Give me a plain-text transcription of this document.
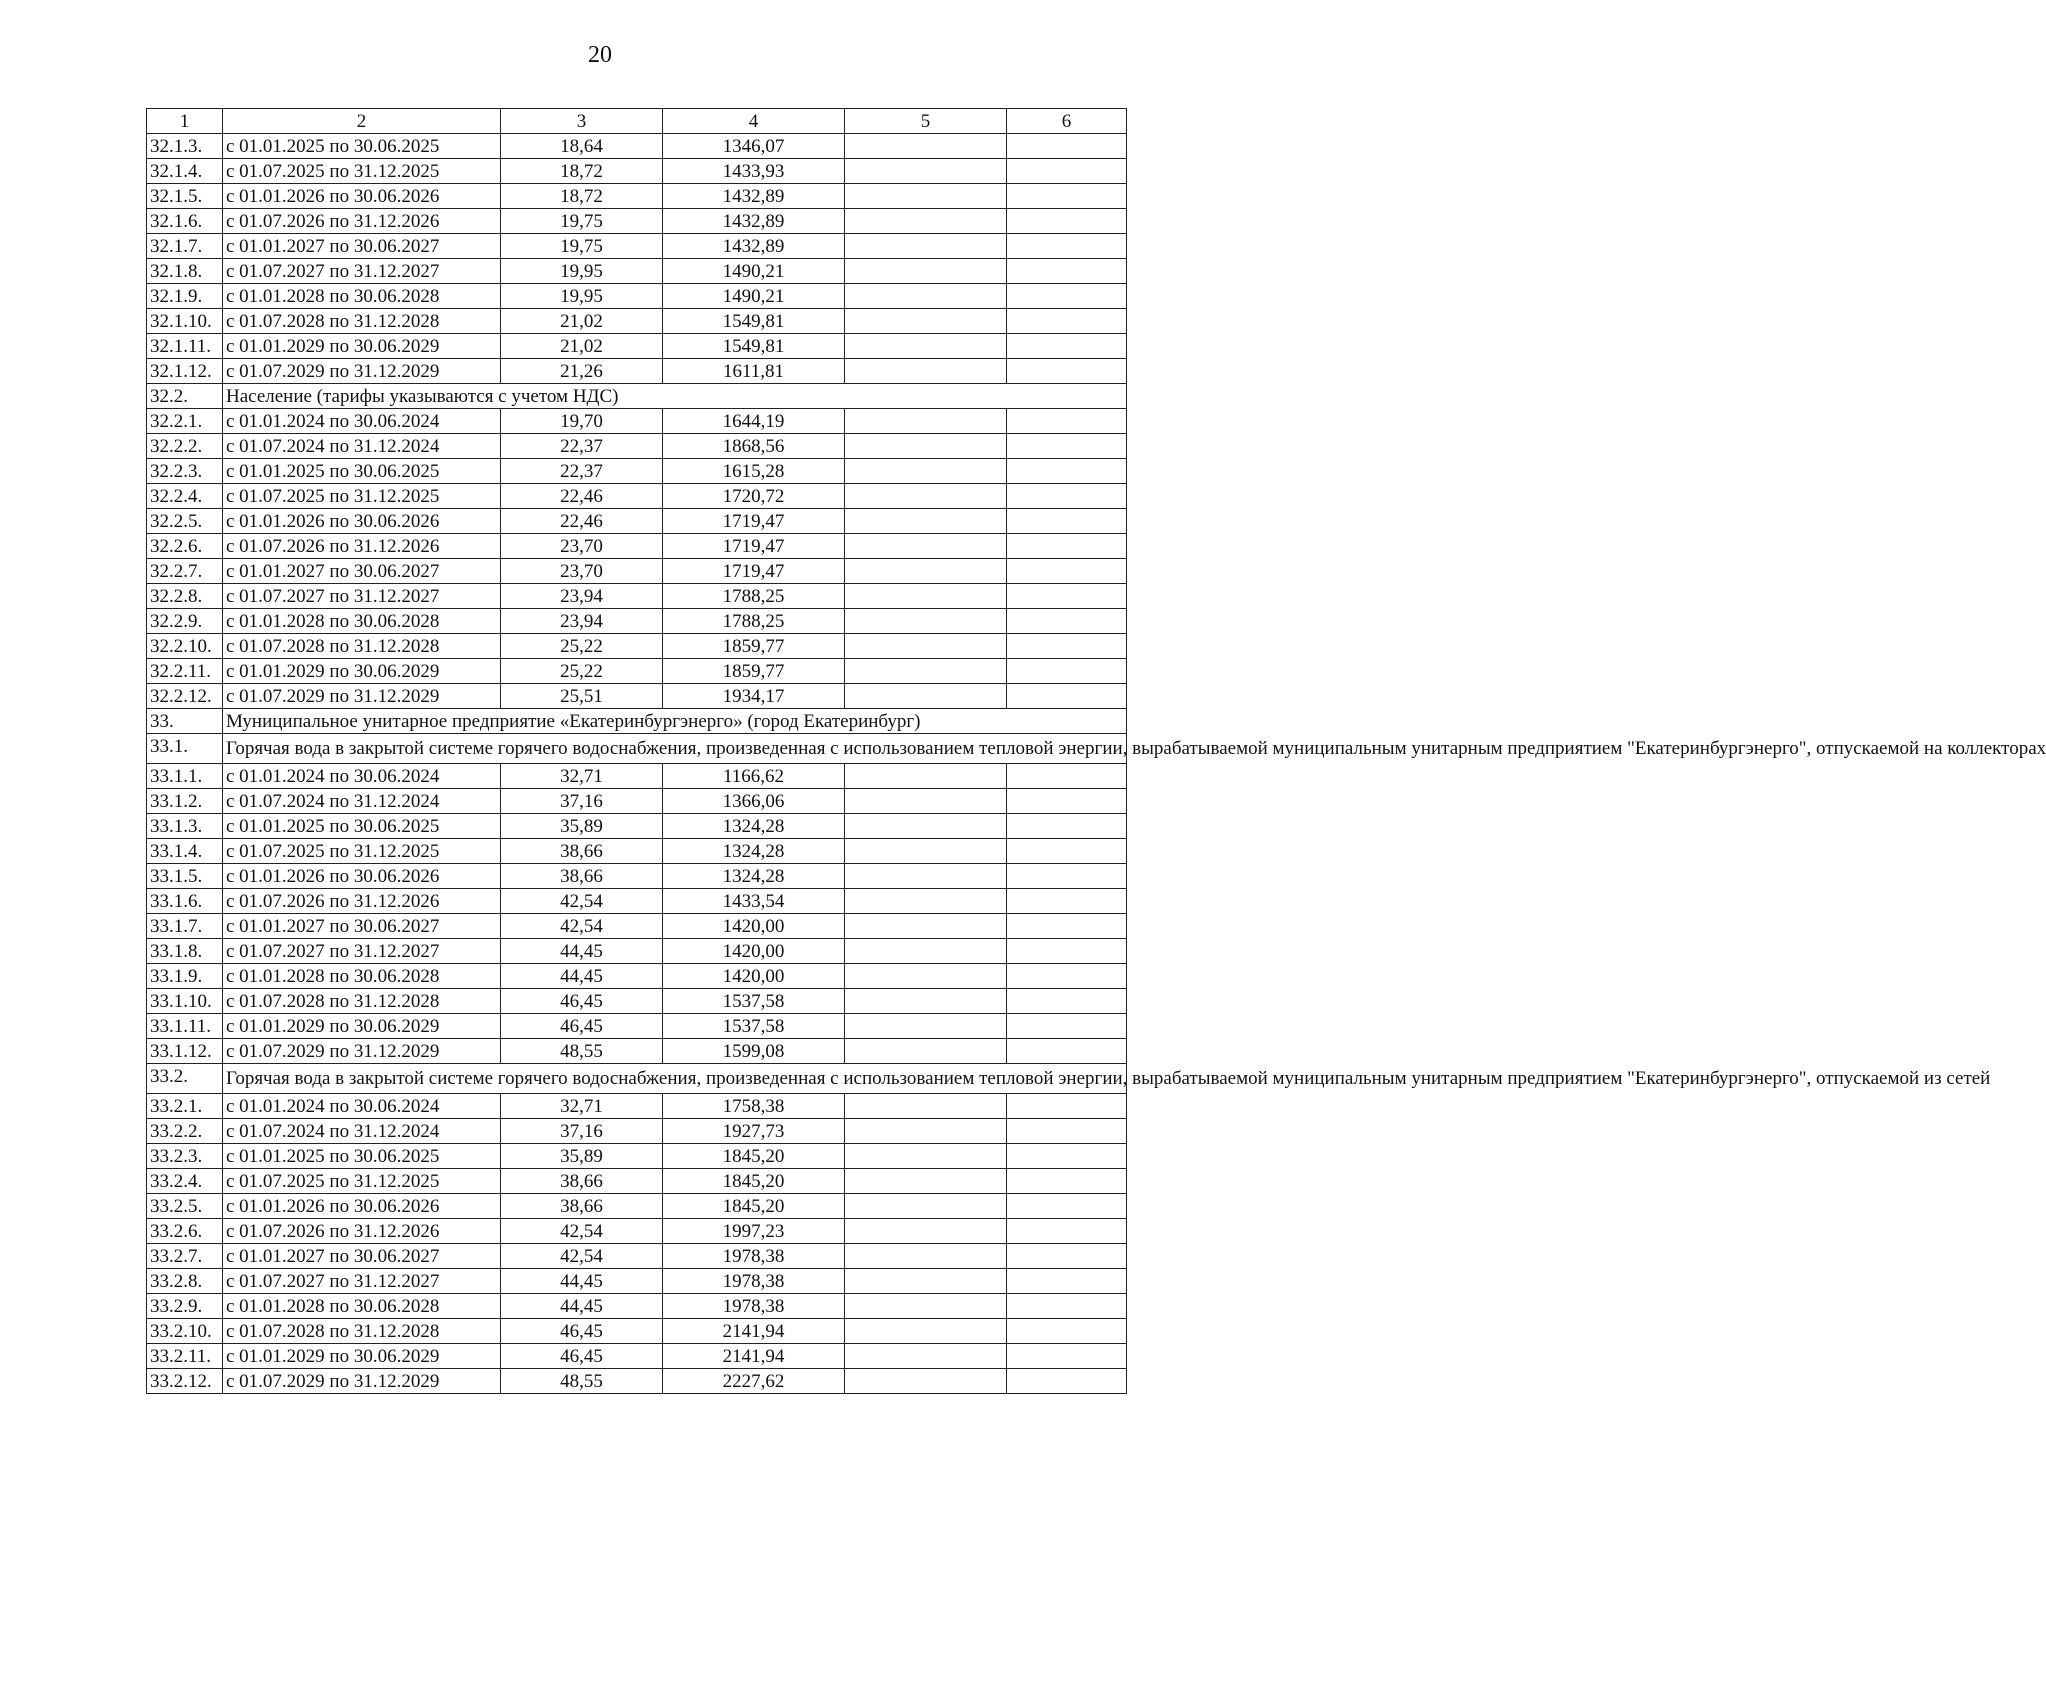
20
1	2	3	4	5	6
32.1.3.	с 01.01.2025 по 30.06.2025	18,64	1346,07		
32.1.4.	с 01.07.2025 по 31.12.2025	18,72	1433,93		
32.1.5.	с 01.01.2026 по 30.06.2026	18,72	1432,89		
32.1.6.	с 01.07.2026 по 31.12.2026	19,75	1432,89		
32.1.7.	с 01.01.2027 по 30.06.2027	19,75	1432,89		
32.1.8.	с 01.07.2027 по 31.12.2027	19,95	1490,21		
32.1.9.	с 01.01.2028 по 30.06.2028	19,95	1490,21		
32.1.10.	с 01.07.2028 по 31.12.2028	21,02	1549,81		
32.1.11.	с 01.01.2029 по 30.06.2029	21,02	1549,81		
32.1.12.	с 01.07.2029 по 31.12.2029	21,26	1611,81		
32.2.	Население (тарифы указываются с учетом НДС)				
32.2.1.	с 01.01.2024 по 30.06.2024	19,70	1644,19		
32.2.2.	с 01.07.2024 по 31.12.2024	22,37	1868,56		
32.2.3.	с 01.01.2025 по 30.06.2025	22,37	1615,28		
32.2.4.	с 01.07.2025 по 31.12.2025	22,46	1720,72		
32.2.5.	с 01.01.2026 по 30.06.2026	22,46	1719,47		
32.2.6.	с 01.07.2026 по 31.12.2026	23,70	1719,47		
32.2.7.	с 01.01.2027 по 30.06.2027	23,70	1719,47		
32.2.8.	с 01.07.2027 по 31.12.2027	23,94	1788,25		
32.2.9.	с 01.01.2028 по 30.06.2028	23,94	1788,25		
32.2.10.	с 01.07.2028 по 31.12.2028	25,22	1859,77		
32.2.11.	с 01.01.2029 по 30.06.2029	25,22	1859,77		
32.2.12.	с 01.07.2029 по 31.12.2029	25,51	1934,17		
33.	Муниципальное унитарное предприятие «Екатеринбургэнерго» (город Екатеринбург)				
33.1.	Горячая вода в закрытой системе горячего водоснабжения, произведенная с использованием тепловой энергии, вырабатываемой муниципальным унитарным предприятием "Екатеринбургэнерго", отпускаемой на коллекторах				
33.1.1.	с 01.01.2024 по 30.06.2024	32,71	1166,62		
33.1.2.	с 01.07.2024 по 31.12.2024	37,16	1366,06		
33.1.3.	с 01.01.2025 по 30.06.2025	35,89	1324,28		
33.1.4.	с 01.07.2025 по 31.12.2025	38,66	1324,28		
33.1.5.	с 01.01.2026 по 30.06.2026	38,66	1324,28		
33.1.6.	с 01.07.2026 по 31.12.2026	42,54	1433,54		
33.1.7.	с 01.01.2027 по 30.06.2027	42,54	1420,00		
33.1.8.	с 01.07.2027 по 31.12.2027	44,45	1420,00		
33.1.9.	с 01.01.2028 по 30.06.2028	44,45	1420,00		
33.1.10.	с 01.07.2028 по 31.12.2028	46,45	1537,58		
33.1.11.	с 01.01.2029 по 30.06.2029	46,45	1537,58		
33.1.12.	с 01.07.2029 по 31.12.2029	48,55	1599,08		
33.2.	Горячая вода в закрытой системе горячего водоснабжения, произведенная с использованием тепловой энергии, вырабатываемой муниципальным унитарным предприятием "Екатеринбургэнерго", отпускаемой из сетей				
33.2.1.	с 01.01.2024 по 30.06.2024	32,71	1758,38		
33.2.2.	с 01.07.2024 по 31.12.2024	37,16	1927,73		
33.2.3.	с 01.01.2025 по 30.06.2025	35,89	1845,20		
33.2.4.	с 01.07.2025 по 31.12.2025	38,66	1845,20		
33.2.5.	с 01.01.2026 по 30.06.2026	38,66	1845,20		
33.2.6.	с 01.07.2026 по 31.12.2026	42,54	1997,23		
33.2.7.	с 01.01.2027 по 30.06.2027	42,54	1978,38		
33.2.8.	с 01.07.2027 по 31.12.2027	44,45	1978,38		
33.2.9.	с 01.01.2028 по 30.06.2028	44,45	1978,38		
33.2.10.	с 01.07.2028 по 31.12.2028	46,45	2141,94		
33.2.11.	с 01.01.2029 по 30.06.2029	46,45	2141,94		
33.2.12.	с 01.07.2029 по 31.12.2029	48,55	2227,62		
